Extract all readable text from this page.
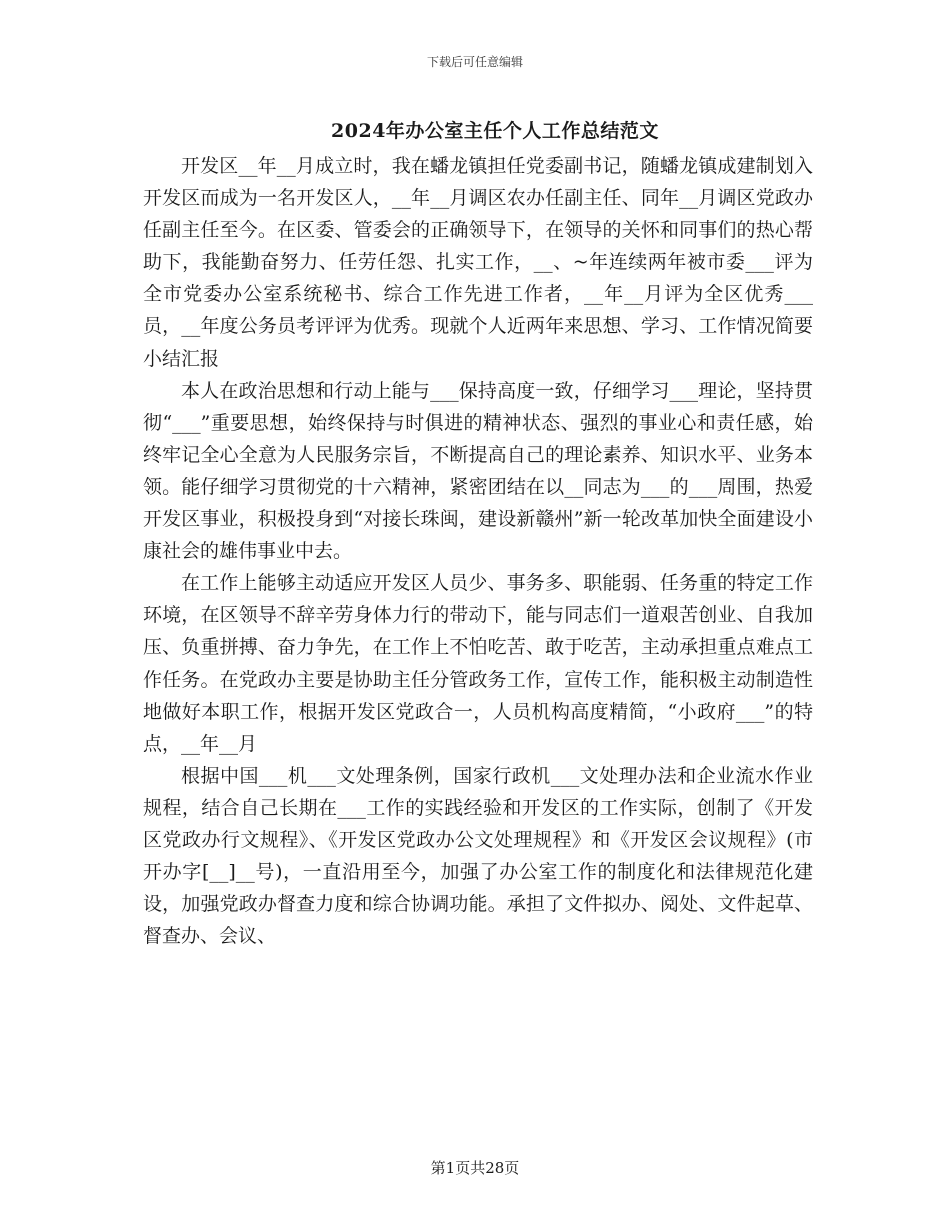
下载后可任意编辑
2024年办公室主任个人工作总结范文

开发区__年__月成立时，我在蟠龙镇担任党委副书记，随蟠龙镇成建制划入开发区而成为一名开发区人，__年__月调区农办任副主任、同年__月调区党政办任副主任至今。在区委、管委会的正确领导下，在领导的关怀和同事们的热心帮助下，我能勤奋努力、任劳任怨、扎实工作，__、~年连续两年被市委___评为全市党委办公室系统秘书、综合工作先进工作者，__年__月评为全区优秀___员，__年度公务员考评评为优秀。现就个人近两年来思想、学习、工作情况简要小结汇报

本人在政治思想和行动上能与___保持高度一致，仔细学习___理论，坚持贯彻“___”重要思想，始终保持与时俱进的精神状态、强烈的事业心和责任感，始终牢记全心全意为人民服务宗旨，不断提高自己的理论素养、知识水平、业务本领。能仔细学习贯彻党的十六精神，紧密团结在以__同志为___的___周围，热爱开发区事业，积极投身到“对接长珠闽，建设新赣州”新一轮改革加快全面建设小康社会的雄伟事业中去。

在工作上能够主动适应开发区人员少、事务多、职能弱、任务重的特定工作环境，在区领导不辞辛劳身体力行的带动下，能与同志们一道艰苦创业、自我加压、负重拼搏、奋力争先，在工作上不怕吃苦、敢于吃苦，主动承担重点难点工作任务。在党政办主要是协助主任分管政务工作，宣传工作，能积极主动制造性地做好本职工作，根据开发区党政合一，人员机构高度精简，“小政府___”的特点，__年__月

根据中国___机___文处理条例，国家行政机___文处理办法和企业流水作业规程，结合自己长期在___工作的实践经验和开发区的工作实际，创制了《开发区党政办行文规程》、《开发区党政办公文处理规程》和《开发区会议规程》(市开办字[__]__号)，一直沿用至今，加强了办公室工作的制度化和法律规范化建设，加强党政办督查力度和综合协调功能。承担了文件拟办、阅处、文件起草、督查办、会议、

第1页共28页
